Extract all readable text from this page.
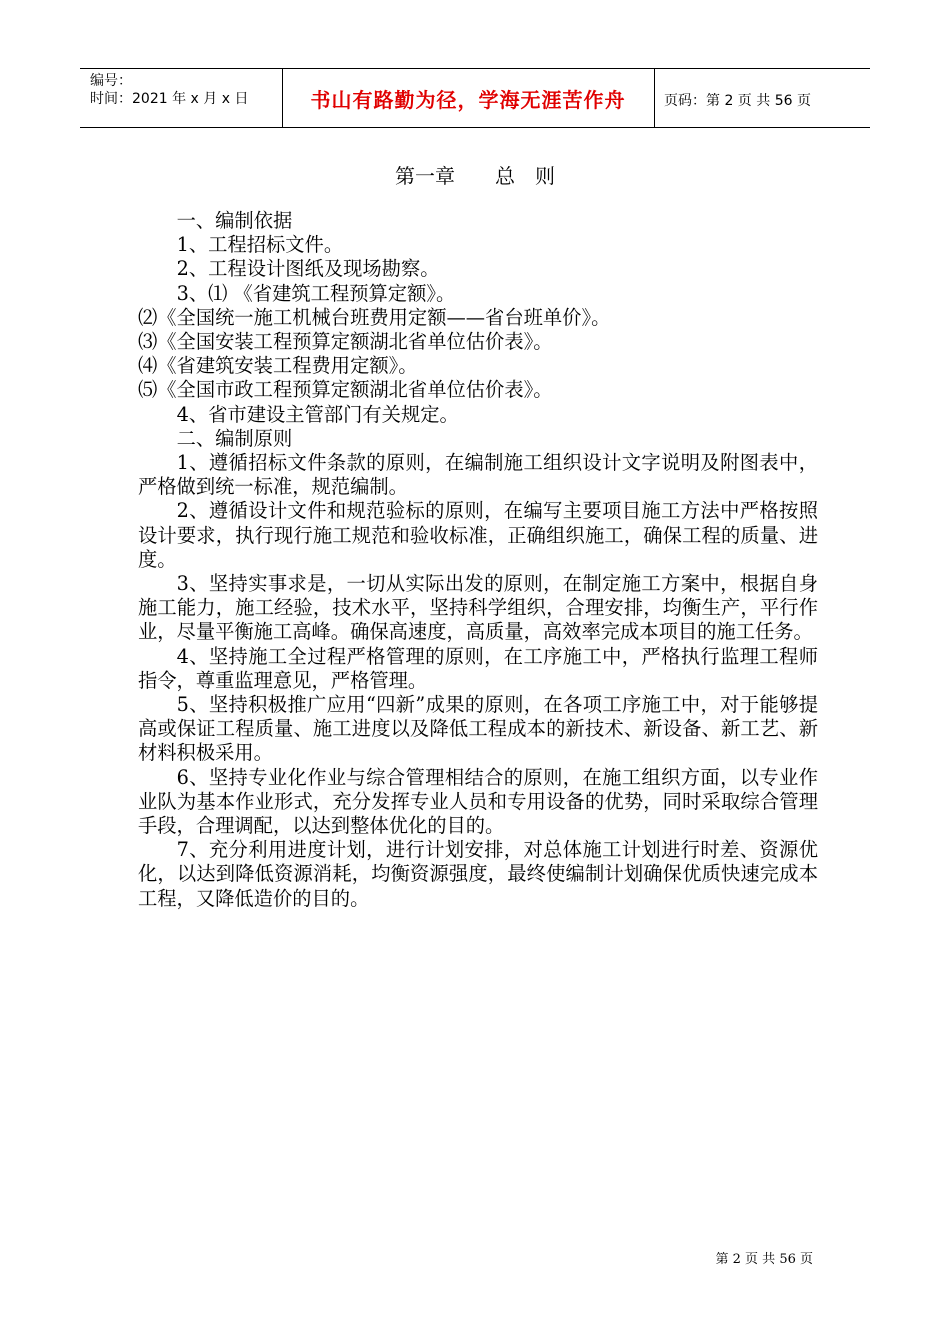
编号：
时间：2021 年 x 月 x 日	书山有路勤为径，学海无涯苦作舟	页码：第 2 页 共 56 页
第一章　　总　则

一、编制依据

1、工程招标文件。

2、工程设计图纸及现场勘察。

3、⑴ 《省建筑工程预算定额》。

⑵《全国统一施工机械台班费用定额——省台班单价》。

⑶《全国安装工程预算定额湖北省单位估价表》。

⑷《省建筑安装工程费用定额》。

⑸《全国市政工程预算定额湖北省单位估价表》。

4、省市建设主管部门有关规定。

二、编制原则

1、遵循招标文件条款的原则，在编制施工组织设计文字说明及附图表中，严格做到统一标准，规范编制。

2、遵循设计文件和规范验标的原则，在编写主要项目施工方法中严格按照设计要求，执行现行施工规范和验收标准，正确组织施工，确保工程的质量、进度。

3、坚持实事求是，一切从实际出发的原则，在制定施工方案中，根据自身施工能力，施工经验，技术水平，坚持科学组织，合理安排，均衡生产，平行作业，尽量平衡施工高峰。确保高速度，高质量，高效率完成本项目的施工任务。

4、坚持施工全过程严格管理的原则，在工序施工中，严格执行监理工程师指令，尊重监理意见，严格管理。

5、坚持积极推广应用“四新”成果的原则，在各项工序施工中，对于能够提高或保证工程质量、施工进度以及降低工程成本的新技术、新设备、新工艺、新材料积极采用。

6、坚持专业化作业与综合管理相结合的原则，在施工组织方面，以专业作业队为基本作业形式，充分发挥专业人员和专用设备的优势，同时采取综合管理手段，合理调配，以达到整体优化的目的。

7、充分利用进度计划，进行计划安排，对总体施工计划进行时差、资源优化，以达到降低资源消耗，均衡资源强度，最终使编制计划确保优质快速完成本工程，又降低造价的目的。

第 2 页 共 56 页
